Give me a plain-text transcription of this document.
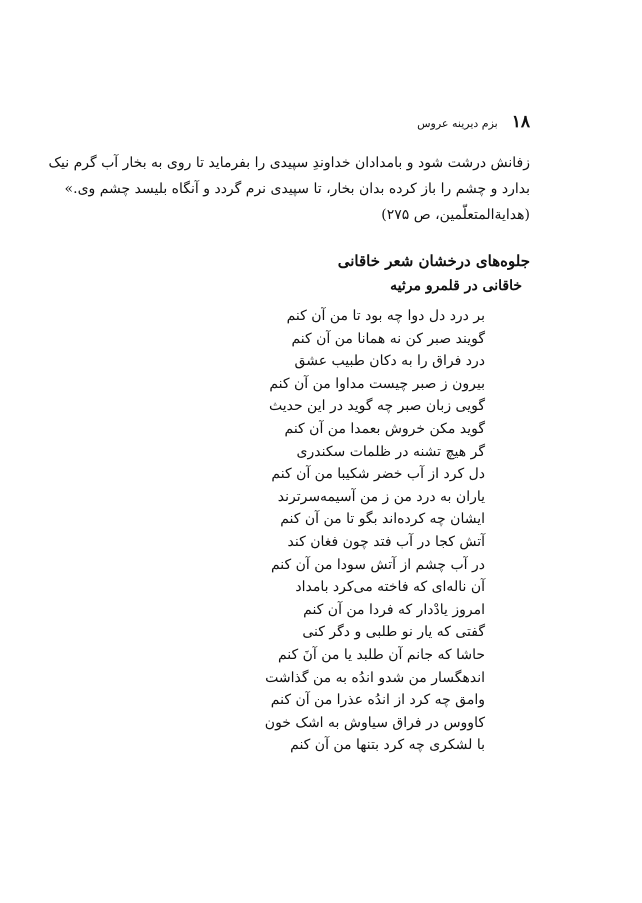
۱۸
بزم دیرینه عروس
زفانش درشت شود و بامدادان خداوندِ سپیدی را بفرماید تا روی به بخار آب گرم نیک
بدارد و چشم را باز کرده بدان بخار، تا سپیدی نرم گردد و آنگاه بلیسد چشم وی.»
(هدایةالمتعلّمین، ص ۲۷۵)
جلوه‌های درخشان شعر خاقانی
خاقانی در قلمرو مرثیه
بر درد دل دوا چه بود تا من آن کنم
گویند صبر کن نه همانا من آن کنم
درد فراق را به دکان طبیب عشق
بیرون ز صبر چیست مداوا من آن کنم
گویی زبان صبر چه گوید در این حدیث
گوید مکن خروش بعمدا من آن کنم
گر هیچ تشنه در ظلمات سکندری
دل کرد از آب خضر شکیبا من آن کنم
یاران به درد من ز من آسیمه‌سرترند
ایشان چه کرده‌اند بگو تا من آن کنم
آتش کجا در آب فتد چون فغان کند
در آب چشم از آتش سودا من آن کنم
آن ناله‌ای که فاخته می‌کرد بامداد
امروز یادْدار که فردا من آن کنم
گفتی که یار نو طلبی و دگر کنی
حاشا که جانم آن طلبد یا من آنَ کنم
اندهگسار من شدو اندُه به من گذاشت
وامق چه کرد از اندُه عذرا من آن کنم
کاووس در فراق سیاوش به اشک خون
با لشکری چه کرد بتنها من آن کنم
